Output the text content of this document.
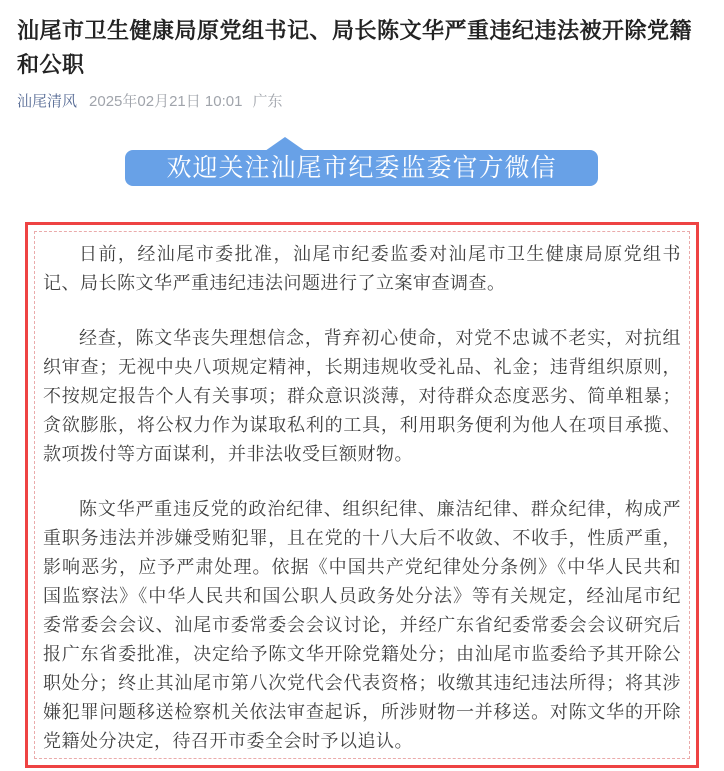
汕尾市卫生健康局原党组书记、局长陈文华严重违纪违法被开除党籍和公职
汕尾清风 2025年02月21日 10:01 广东
欢迎关注汕尾市纪委监委官方微信

日前，经汕尾市委批准，汕尾市纪委监委对汕尾市卫生健康局原党组书记、局长陈文华严重违纪违法问题进行了立案审查调查。

经查，陈文华丧失理想信念，背弃初心使命，对党不忠诚不老实，对抗组织审查；无视中央八项规定精神，长期违规收受礼品、礼金；违背组织原则，不按规定报告个人有关事项；群众意识淡薄，对待群众态度恶劣、简单粗暴；贪欲膨胀，将公权力作为谋取私利的工具，利用职务便利为他人在项目承揽、款项拨付等方面谋利，并非法收受巨额财物。

陈文华严重违反党的政治纪律、组织纪律、廉洁纪律、群众纪律，构成严重职务违法并涉嫌受贿犯罪，且在党的十八大后不收敛、不收手，性质严重，影响恶劣，应予严肃处理。依据《中国共产党纪律处分条例》《中华人民共和国监察法》《中华人民共和国公职人员政务处分法》等有关规定，经汕尾市纪委常委会会议、汕尾市委常委会会议讨论，并经广东省纪委常委会会议研究后报广东省委批准，决定给予陈文华开除党籍处分；由汕尾市监委给予其开除公职处分；终止其汕尾市第八次党代会代表资格；收缴其违纪违法所得；将其涉嫌犯罪问题移送检察机关依法审查起诉，所涉财物一并移送。对陈文华的开除党籍处分决定，待召开市委全会时予以追认。
